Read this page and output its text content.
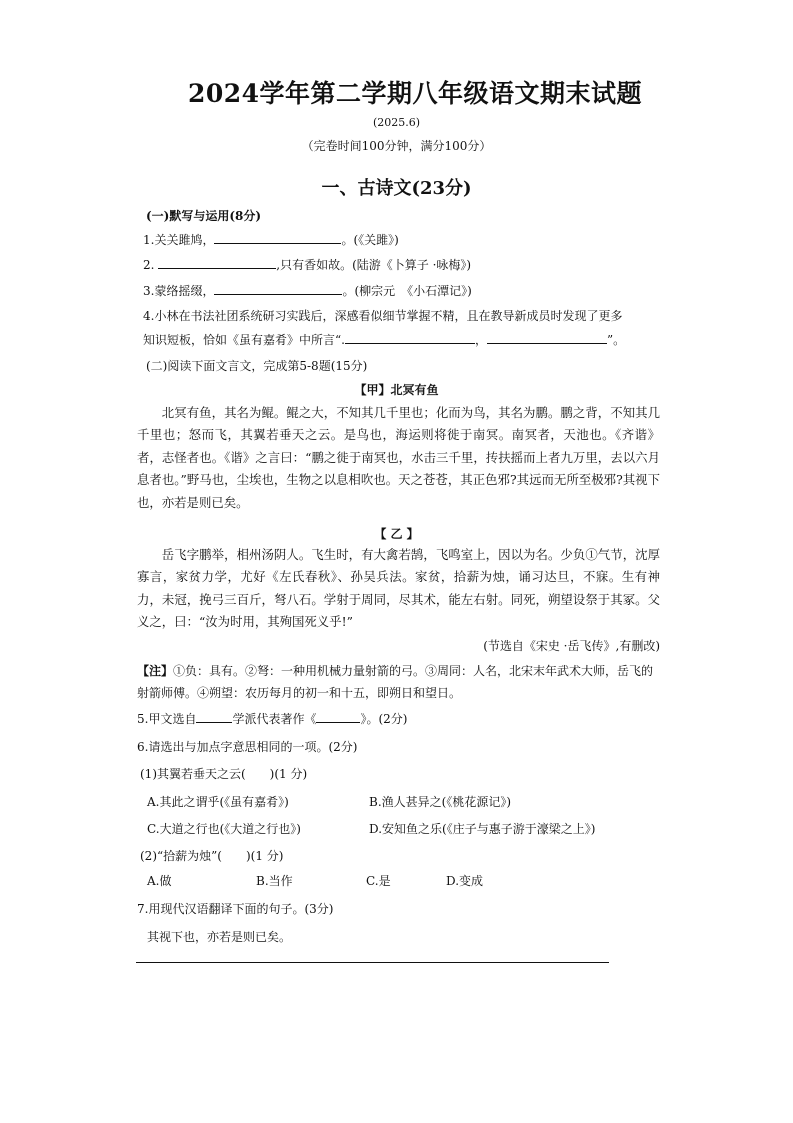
2024学年第二学期八年级语文期末试题
(2025.6)
（完卷时间100分钟，满分100分）
一、古诗文(23分)
(一)默写与运用(8分)
1.关关雎鸠，	。(《关雎》)
2.	,只有香如故。(陆游《卜算子 ·咏梅》)
3.蒙络摇缀，	。(柳宗元　《小石潭记》)
4.小林在书法社团系统研习实践后，深感看似细节掌握不精，且在教导新成员时发现了更多
知识短板，恰如《虽有嘉肴》中所言“.	，	”。
(二)阅读下面文言文，完成第5-8题(15分)
【甲】北冥有鱼

北冥有鱼，其名为鲲。鲲之大，不知其几千里也；化而为鸟，其名为鹏。鹏之背，不知其几千里也；怒而飞，其翼若垂天之云。是鸟也，海运则将徙于南冥。南冥者，天池也。《齐谐》者，志怪者也。《谐》之言曰：“鹏之徙于南冥也，水击三千里，抟扶摇而上者九万里，去以六月息者也。”野马也，尘埃也，生物之以息相吹也。天之苍苍，其正色邪?其远而无所至极邪?其视下也，亦若是则已矣。

【 乙 】

岳飞字鹏举，相州汤阴人。飞生时，有大禽若鹄，飞鸣室上，因以为名。少负①气节，沈厚寡言，家贫力学，尤好《左氏春秋》、孙吴兵法。家贫，拾薪为烛，诵习达旦，不寐。生有神力，未冠，挽弓三百斤，弩八石。学射于周同，尽其术，能左右射。同死，朔望设祭于其冢。父义之，曰：“汝为时用，其殉国死义乎!”

(节选自《宋史 ·岳飞传》,有删改)
【注】①负：具有。②弩：一种用机械力量射箭的弓。③周同：人名，北宋末年武术大师，岳飞的射箭师傅。④朔望：农历每月的初一和十五，即朔日和望日。
5.甲文选自	学派代表著作《	》。(2分)
6.请选出与加点字意思相同的一项。(2分)
(1)其翼若垂天之云(　　)(1 分)
A.其此之谓乎(《虽有嘉肴》)	B.渔人甚异之(《桃花源记》)
C.大道之行也(《大道之行也》)	D.安知鱼之乐(《庄子与惠子游于濠梁之上》)
(2)“拾薪为烛”(　　)(1 分)
A.做	B.当作	C.是	D.变成
7.用现代汉语翻译下面的句子。(3分)
其视下也，亦若是则已矣。
